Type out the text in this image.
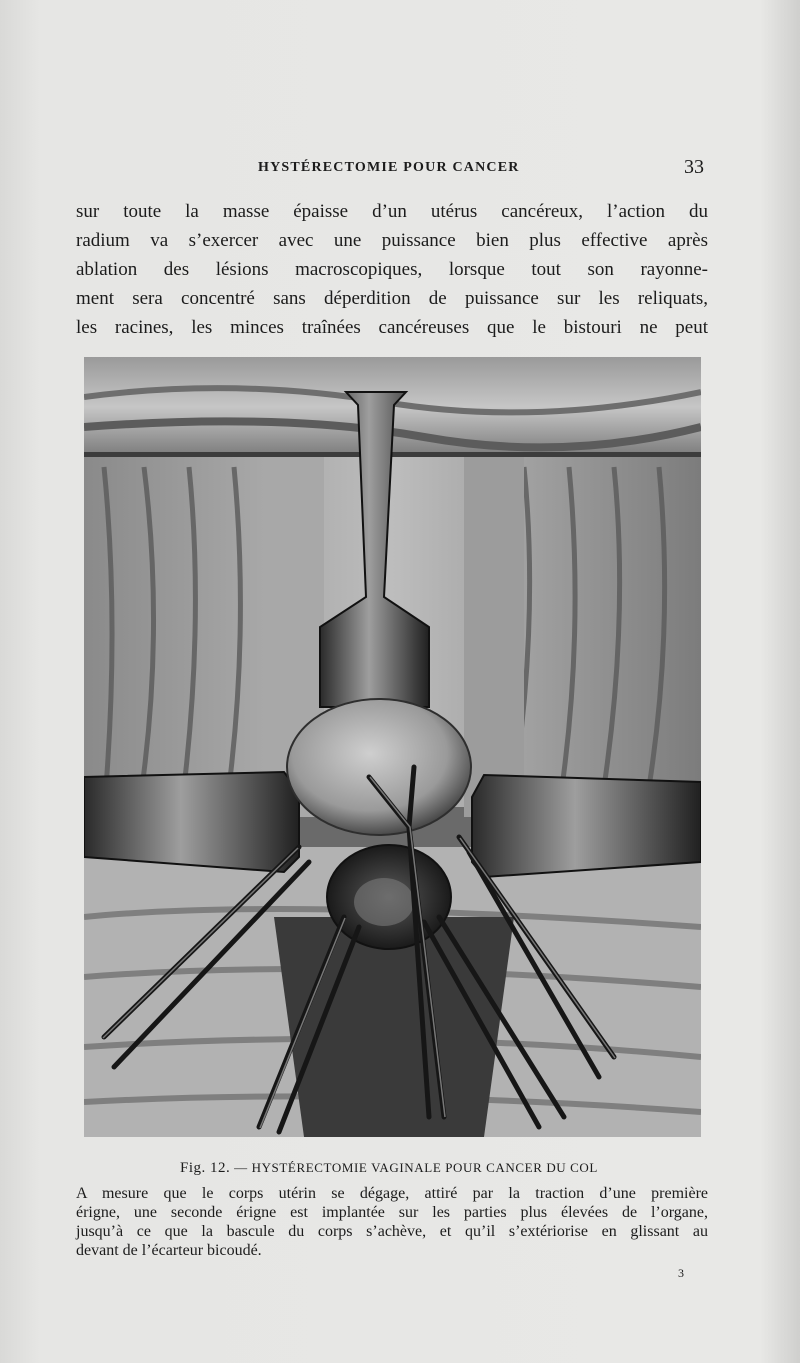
HYSTÉRECTOMIE POUR CANCER	33
sur toute la masse épaisse d’un utérus cancéreux, l’action du
radium va s’exercer avec une puissance bien plus effective après
ablation des lésions macroscopiques, lorsque tout son rayonne-
ment sera concentré sans déperdition de puissance sur les reliquats,
les racines, les minces traînées cancéreuses que le bistouri ne peut
Fig. 12. — HYSTÉRECTOMIE VAGINALE POUR CANCER DU COL
A mesure que le corps utérin se dégage, attiré par la traction d’une première
érigne, une seconde érigne est implantée sur les parties plus élevées de l’organe,
jusqu’à ce que la bascule du corps s’achève, et qu’il s’extériorise en glissant au
devant de l’écarteur bicoudé.
3
